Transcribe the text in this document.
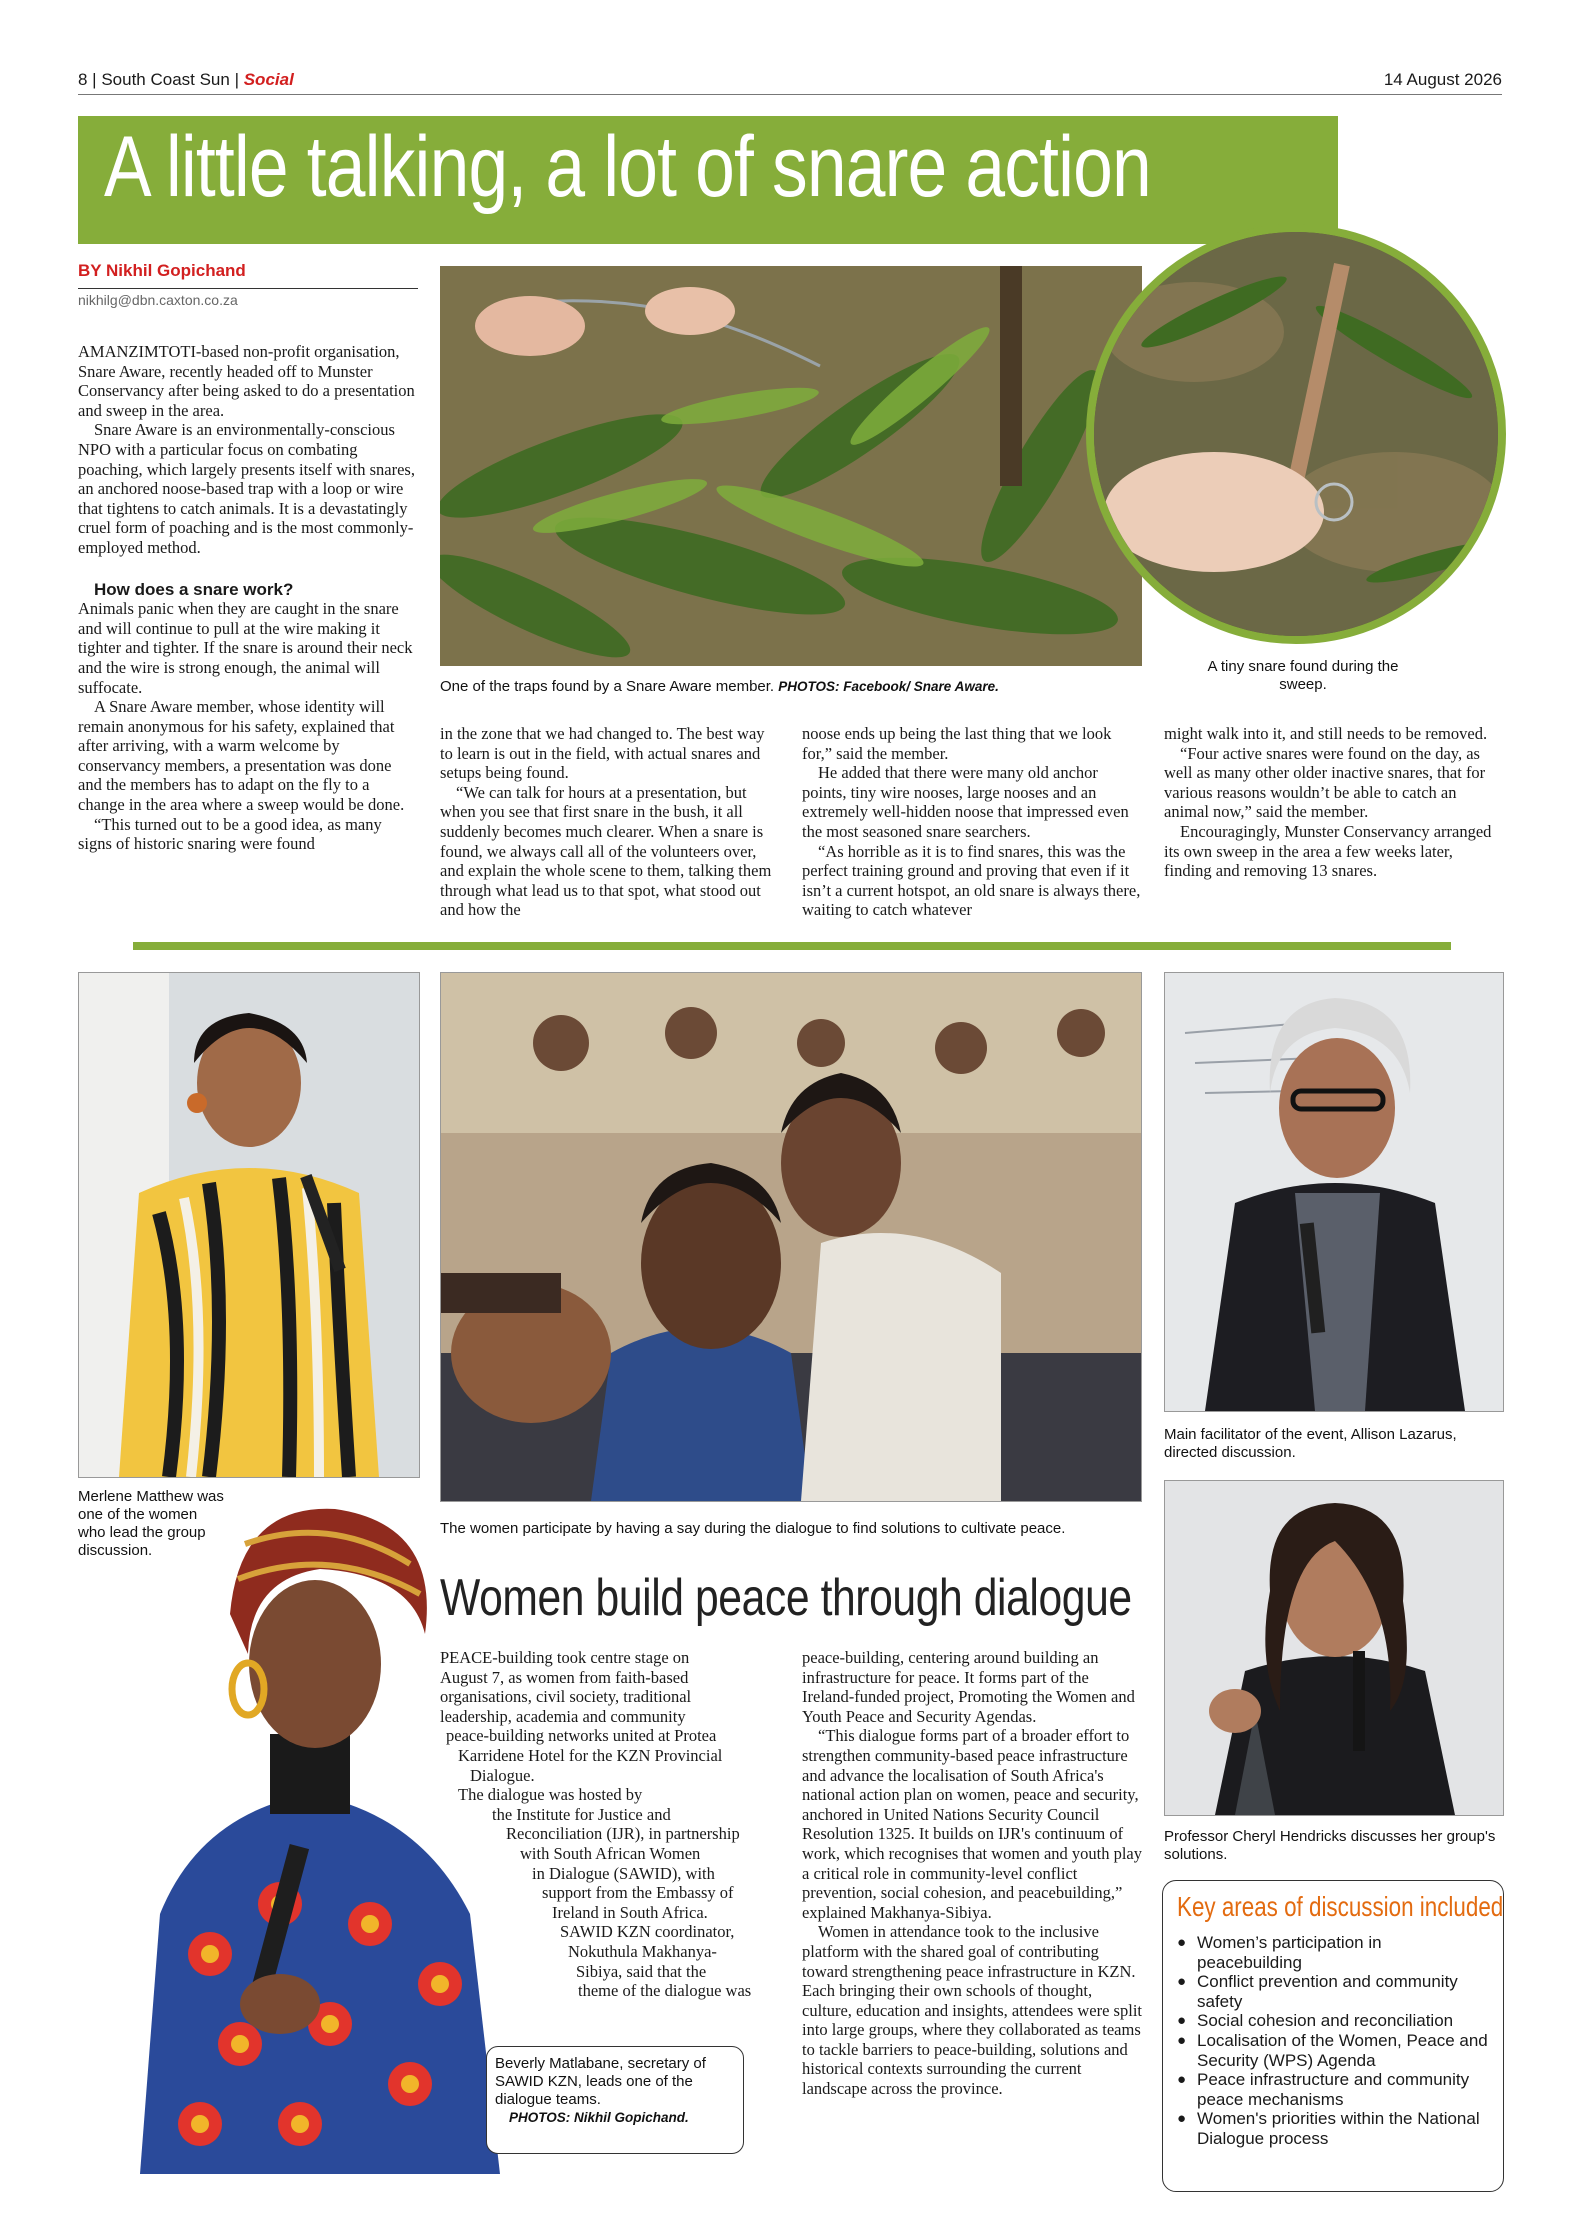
8 | South Coast Sun | Social	14 August 2026
A little talking, a lot of snare action
BY Nikhil Gopichand
nikhilg@dbn.caxton.co.za

AMANZIMTOTI-based non-profit organisation, Snare Aware, recently headed off to Munster Conservancy after being asked to do a presentation and sweep in the area.

Snare Aware is an environmentally-conscious NPO with a particular focus on combating poaching, which largely presents itself with snares, an anchored noose-based trap with a loop or wire that tightens to catch animals. It is a devastatingly cruel form of poaching and is the most commonly-employed method.

How does a snare work?

Animals panic when they are caught in the snare and will continue to pull at the wire making it tighter and tighter. If the snare is around their neck and the wire is strong enough, the animal will suffocate.

A Snare Aware member, whose identity will remain anonymous for his safety, explained that after arriving, with a warm welcome by conservancy members, a presentation was done and the members has to adapt on the fly to a change in the area where a sweep would be done.

“This turned out to be a good idea, as many signs of historic snaring were found

One of the traps found by a Snare Aware member. PHOTOS: Facebook/ Snare Aware.
A tiny snare found during the sweep.

in the zone that we had changed to. The best way to learn is out in the field, with actual snares and setups being found.

“We can talk for hours at a presentation, but when you see that first snare in the bush, it all suddenly becomes much clearer. When a snare is found, we always call all of the volunteers over, and explain the whole scene to them, talking them through what lead us to that spot, what stood out and how the

noose ends up being the last thing that we look for,” said the member.

He added that there were many old anchor points, tiny wire nooses, large nooses and an extremely well-hidden noose that impressed even the most seasoned snare searchers.

“As horrible as it is to find snares, this was the perfect training ground and proving that even if it isn’t a current hotspot, an old snare is always there, waiting to catch whatever

might walk into it, and still needs to be removed.

“Four active snares were found on the day, as well as many other older inactive snares, that for various reasons wouldn’t be able to catch an animal now,” said the member.

Encouragingly, Munster Conservancy arranged its own sweep in the area a few weeks later, finding and removing 13 snares.

Merlene Matthew was one of the women who lead the group discussion.
The women participate by having a say during the dialogue to find solutions to cultivate peace.
Main facilitator of the event, Allison Lazarus, directed discussion.
Professor Cheryl Hendricks discusses her group's solutions.
Women build peace through dialogue
PEACE-building took centre stage on
August 7, as women from faith-based
organisations, civil society, traditional
leadership, academia and community
peace-building networks united at Protea
Karridene Hotel for the KZN Provincial
Dialogue.
The dialogue was hosted by
the Institute for Justice and
Reconciliation (IJR), in partnership
with South African Women
in Dialogue (SAWID), with
support from the Embassy of
Ireland in South Africa.
SAWID KZN coordinator,
Nokuthula Makhanya-
Sibiya, said that the
theme of the dialogue was
Beverly Matlabane, secretary of SAWID KZN, leads one of the dialogue teams.
PHOTOS: Nikhil Gopichand.

peace-building, centering around building an infrastructure for peace. It forms part of the Ireland-funded project, Promoting the Women and Youth Peace and Security Agendas.

“This dialogue forms part of a broader effort to strengthen community-based peace infrastructure and advance the localisation of South Africa's national action plan on women, peace and security, anchored in United Nations Security Council Resolution 1325. It builds on IJR's continuum of work, which recognises that women and youth play a critical role in community-level conflict prevention, social cohesion, and peacebuilding,” explained Makhanya-Sibiya.

Women in attendance took to the inclusive platform with the shared goal of contributing toward strengthening peace infrastructure in KZN. Each bringing their own schools of thought, culture, education and insights, attendees were split into large groups, where they collaborated as teams to tackle barriers to peace-building, solutions and historical contexts surrounding the current landscape across the province.

Key areas of discussion included
● Women’s participation in peacebuilding
● Conflict prevention and community safety
● Social cohesion and reconciliation
● Localisation of the Women, Peace and Security (WPS) Agenda
● Peace infrastructure and community peace mechanisms
● Women's priorities within the National Dialogue process
